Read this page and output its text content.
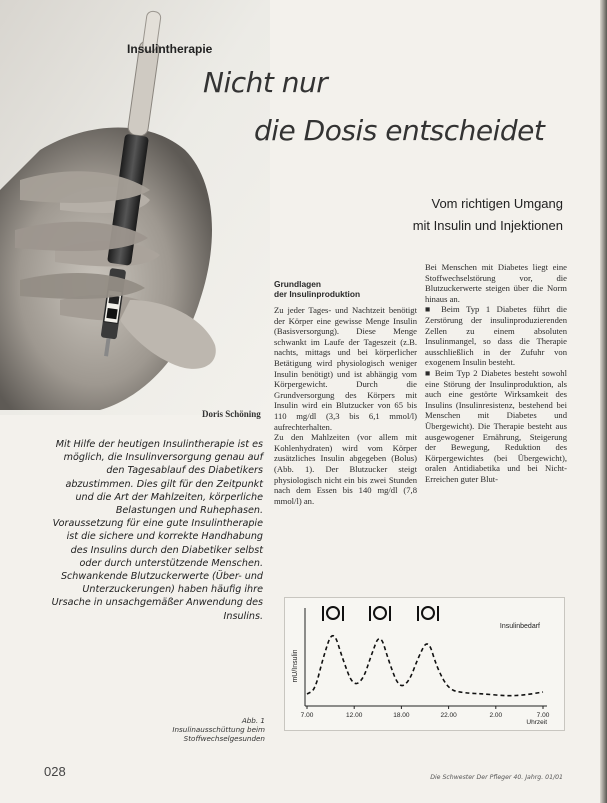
Insulintherapie
Nicht nur
die Dosis entscheidet
Vom richtigen Umgang
mit Insulin und Injektionen
Grundlagen
der Insulinproduktion

Zu jeder Tages- und Nachtzeit benötigt der Körper eine gewisse Menge Insulin (Basisversorgung). Diese Menge schwankt im Laufe der Tageszeit (z.B. nachts, mittags und bei körperlicher Betätigung wird physiologisch weniger Insulin benötigt) und ist abhängig vom Körpergewicht. Durch die Grundversorgung des Körpers mit Insulin wird ein Blutzucker von 65 bis 110 mg/dl (3,3 bis 6,1 mmol/l) aufrechterhalten.

Zu den Mahlzeiten (vor allem mit Kohlenhydraten) wird vom Körper zusätzliches Insulin abgegeben (Bolus) (Abb. 1). Der Blutzucker steigt physiologisch nicht ein bis zwei Stunden nach dem Essen bis 140 mg/dl (7,8 mmol/l) an.

Bei Menschen mit Diabetes liegt eine Stoffwechselstörung vor, die Blutzuckerwerte steigen über die Norm hinaus an.

■ Beim Typ 1 Diabetes führt die Zerstörung der insulinproduzierenden Zellen zu einem absoluten Insulinmangel, so dass die Therapie ausschließlich in der Zufuhr von exogenem Insulin besteht.

■ Beim Typ 2 Diabetes besteht sowohl eine Störung der Insulinproduktion, als auch eine gestörte Wirksamkeit des Insulins (Insulinresistenz, bestehend bei Menschen mit Diabetes und Übergewicht). Die Therapie besteht aus ausgewogener Ernährung, Steigerung der Bewegung, Reduktion des Körpergewichtes (bei Übergewicht), oralen Antidiabetika und bei Nicht-Erreichen guter Blut-

Doris Schöning
Mit Hilfe der heutigen Insulintherapie ist es möglich, die Insulinversorgung genau auf den Tagesablauf des Diabetikers abzustimmen. Dies gilt für den Zeitpunkt und die Art der Mahlzeiten, körperliche Belastungen und Ruhephasen. Voraussetzung für eine gute Insulintherapie ist die sichere und korrekte Handhabung des Insulins durch den Diabetiker selbst oder durch unterstützende Menschen. Schwankende Blutzuckerwerte (Über- und Unterzuckerungen) haben häufig ihre Ursache in unsachgemäßer Anwendung des Insulins.
mU/Insulin
Insulinbedarf
Uhrzeit
7.00	12.00	18.00	22.00	2.00	7.00
Abb. 1
Insulinausschüttung beim
Stoffwechselgesunden
028	Die Schwester Der Pfleger 40. Jahrg. 01/01
